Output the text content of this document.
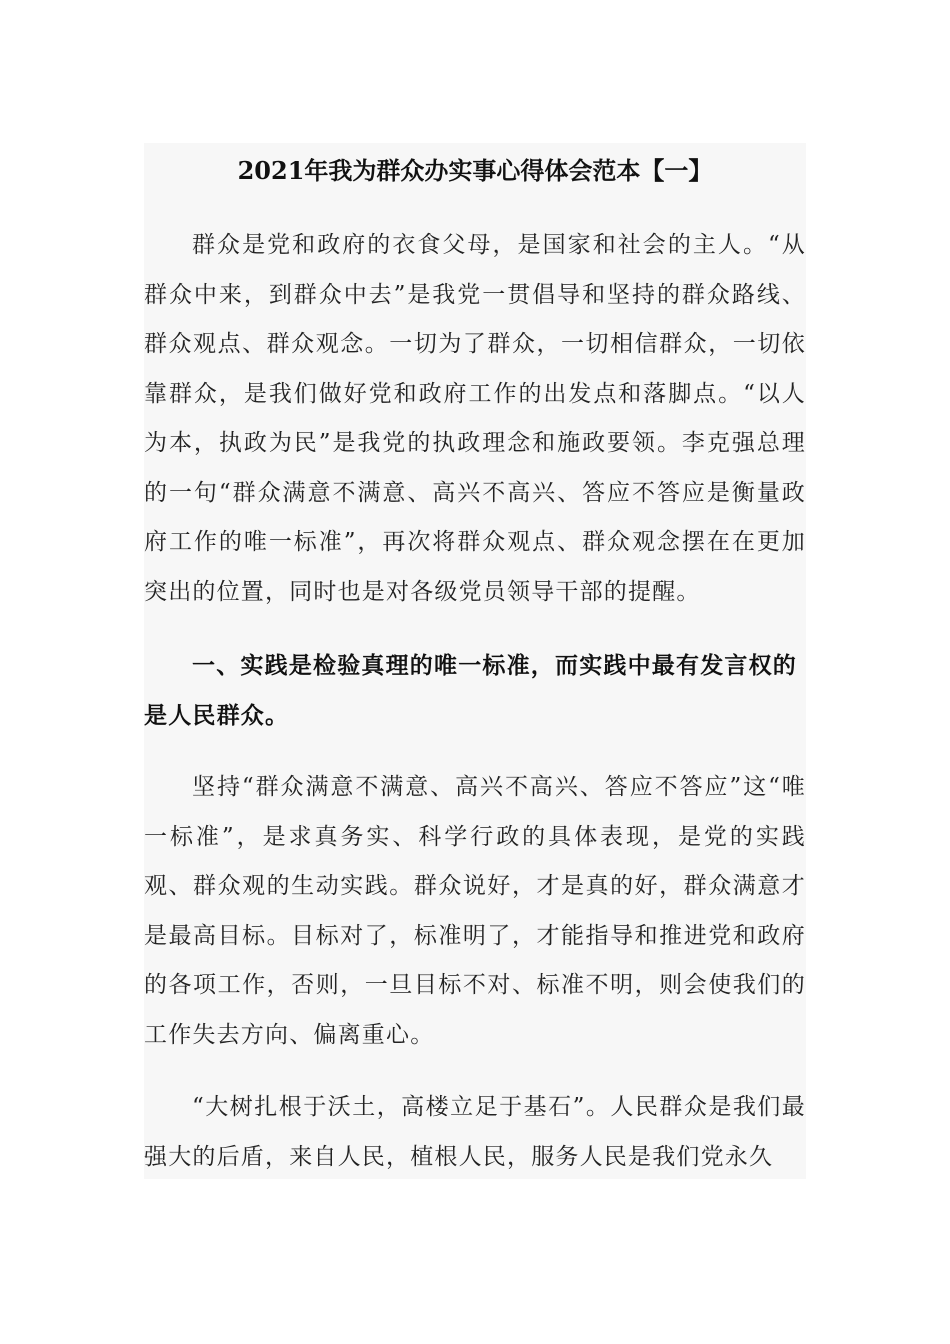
2021年我为群众办实事心得体会范本【一】

群众是党和政府的衣食父母，是国家和社会的主人。“从群众中来，到群众中去”是我党一贯倡导和坚持的群众路线、群众观点、群众观念。一切为了群众，一切相信群众，一切依靠群众，是我们做好党和政府工作的出发点和落脚点。“以人为本，执政为民”是我党的执政理念和施政要领。李克强总理的一句“群众满意不满意、高兴不高兴、答应不答应是衡量政府工作的唯一标准”，再次将群众观点、群众观念摆在在更加突出的位置，同时也是对各级党员领导干部的提醒。

一、实践是检验真理的唯一标准，而实践中最有发言权的是人民群众。

坚持“群众满意不满意、高兴不高兴、答应不答应”这“唯一标准”，是求真务实、科学行政的具体表现，是党的实践观、群众观的生动实践。群众说好，才是真的好，群众满意才是最高目标。目标对了，标准明了，才能指导和推进党和政府的各项工作，否则，一旦目标不对、标准不明，则会使我们的工作失去方向、偏离重心。

“大树扎根于沃土，高楼立足于基石”。人民群众是我们最强大的后盾，来自人民，植根人民，服务人民是我们党永久
